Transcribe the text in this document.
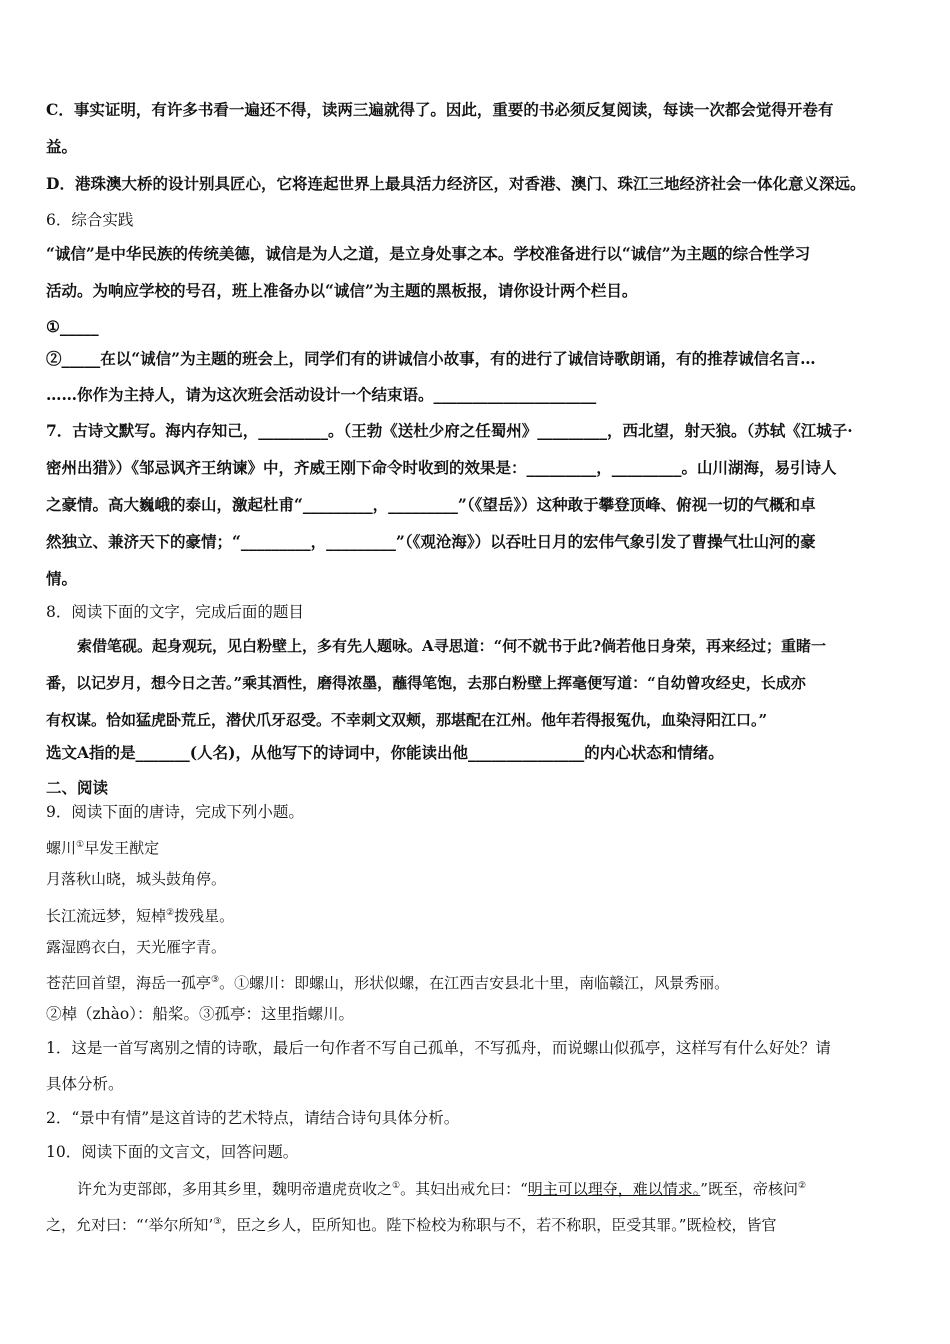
C．事实证明，有许多书看一遍还不得，读两三遍就得了。因此，重要的书必须反复阅读，每读一次都会觉得开卷有
益。
D．港珠澳大桥的设计别具匠心，它将连起世界上最具活力经济区，对香港、澳门、珠江三地经济社会一体化意义深远。
6．综合实践
“诚信”是中华民族的传统美德，诚信是为人之道，是立身处事之本。学校准备进行以“诚信”为主题的综合性学习
活动。为响应学校的号召，班上准备办以“诚信”为主题的黑板报，请你设计两个栏目。
①_____
②_____在以“诚信”为主题的班会上，同学们有的讲诚信小故事，有的进行了诚信诗歌朗诵，有的推荐诚信名言…
……你作为主持人，请为这次班会活动设计一个结束语。_____________________
7．古诗文默写。海内存知己，_________。（王勃《送杜少府之任蜀州》_________，西北望，射天狼。（苏轼《江城子·
密州出猎》）《邹忌讽齐王纳谏》中，齐威王刚下命令时收到的效果是：_________，_________。山川湖海，易引诗人
之豪情。高大巍峨的泰山，激起杜甫“_________，_________”（《望岳》）这种敢于攀登顶峰、俯视一切的气概和卓
然独立、兼济天下的豪情；“_________，_________”（《观沧海》）以吞吐日月的宏伟气象引发了曹操气壮山河的豪
情。
8．阅读下面的文字，完成后面的题目
索借笔砚。起身观玩，见白粉壁上，多有先人题咏。A寻思道：“何不就书于此?倘若他日身荣，再来经过；重睹一
番，以记岁月，想今日之苦。”乘其酒性，磨得浓墨，蘸得笔饱，去那白粉壁上挥毫便写道：“自幼曾攻经史，长成亦
有权谋。恰如猛虎卧荒丘，潜伏爪牙忍受。不幸刺文双颊，那堪配在江州。他年若得报冤仇，血染浔阳江口。”
选文A指的是_______(人名)，从他写下的诗词中，你能读出他_______________的内心状态和情绪。
二、阅读
9．阅读下面的唐诗，完成下列小题。
螺川①早发王猷定
月落秋山晓，城头鼓角停。
长江流远梦，短棹②拨残星。
露湿鸥衣白，天光雁字青。
苍茫回首望，海岳一孤亭③。①螺川：即螺山，形状似螺，在江西吉安县北十里，南临赣江，风景秀丽。
②棹（zhào）：船桨。③孤亭：这里指螺川。
1．这是一首写离别之情的诗歌，最后一句作者不写自己孤单，不写孤舟，而说螺山似孤亭，这样写有什么好处？请
具体分析。
2．“景中有情”是这首诗的艺术特点，请结合诗句具体分析。
10．阅读下面的文言文，回答问题。
许允为吏部郎，多用其乡里，魏明帝遣虎贲收之①。其妇出戒允曰：“明主可以理夺，难以情求。”既至，帝核问②
之，允对曰：“‘举尔所知’③，臣之乡人，臣所知也。陛下检校为称职与不，若不称职，臣受其罪。”既检校，皆官
